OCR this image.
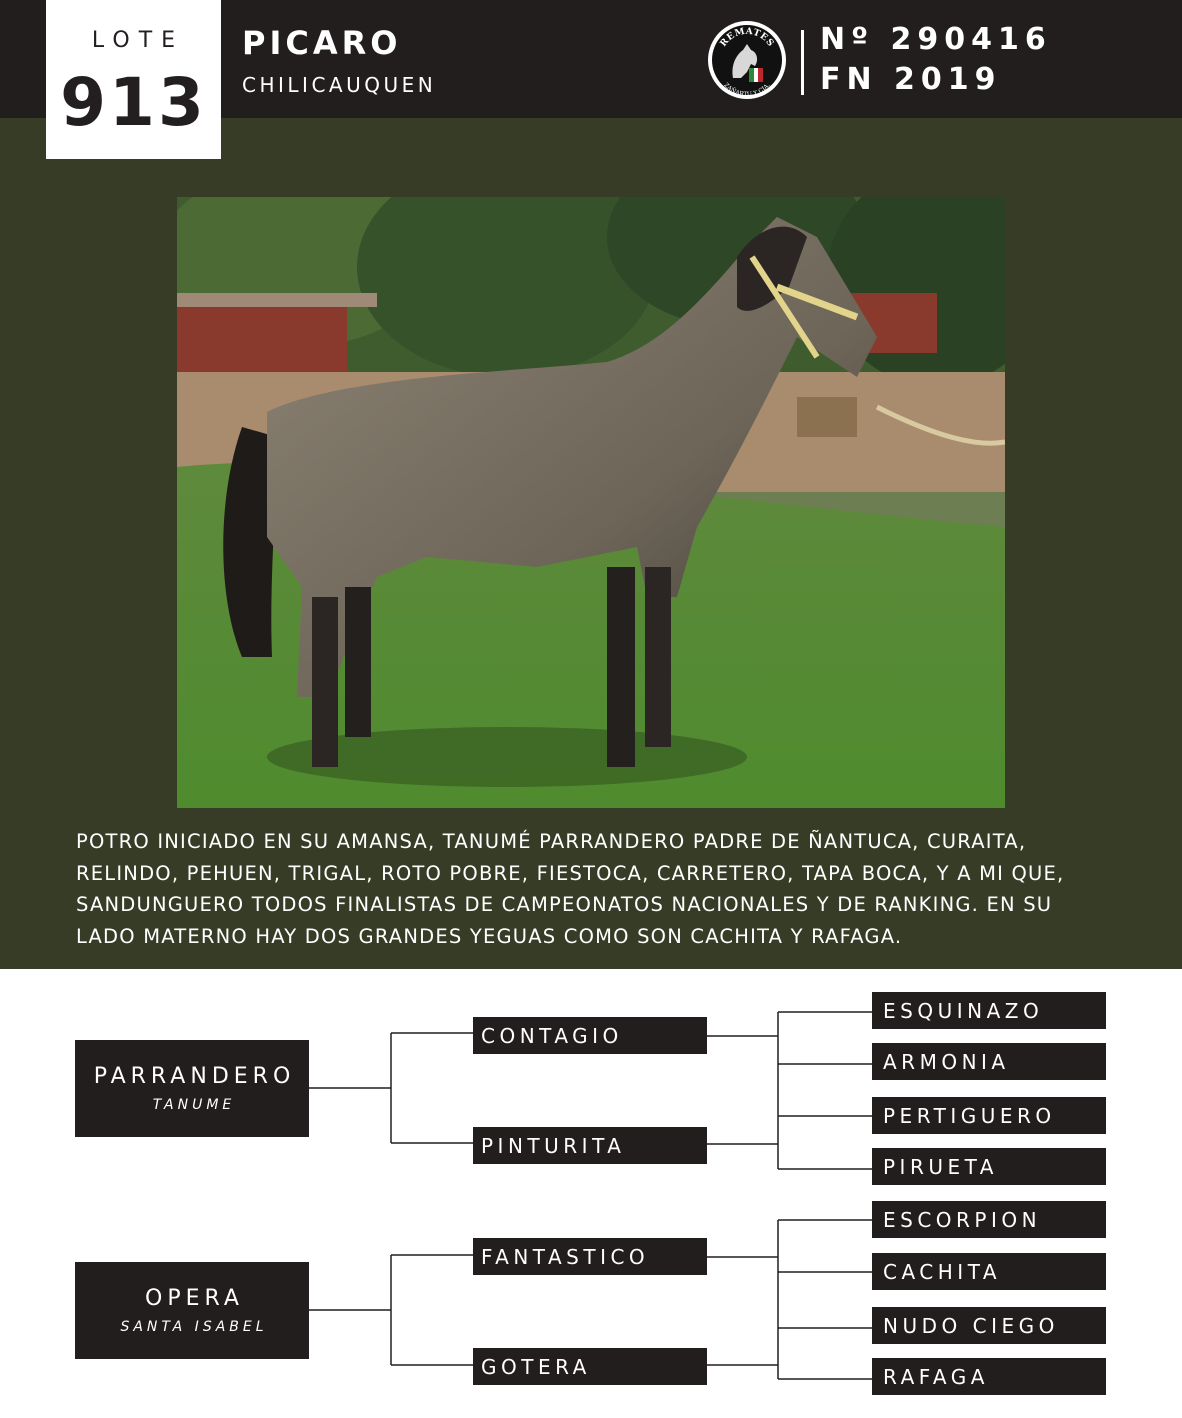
LOTE
913
PICARO
CHILICAUQUEN
REMATES
ZAÑARTU Y CIA.
Nº 290416
FN 2019

POTRO INICIADO EN SU AMANSA, TANUMÉ PARRANDERO PADRE DE ÑANTUCA, CURAITA, RELINDO, PEHUEN, TRIGAL, ROTO POBRE, FIESTOCA, CARRETERO, TAPA BOCA, Y A MI QUE, SANDUNGUERO TODOS FINALISTAS DE CAMPEONATOS NACIONALES Y DE RANKING. EN SU LADO MATERNO HAY DOS GRANDES YEGUAS COMO SON CACHITA Y RAFAGA.

PARRANDERO
TANUME
OPERA
SANTA ISABEL
CONTAGIO
PINTURITA
FANTASTICO
GOTERA
ESQUINAZO
ARMONIA
PERTIGUERO
PIRUETA
ESCORPION
CACHITA
NUDO CIEGO
RAFAGA
